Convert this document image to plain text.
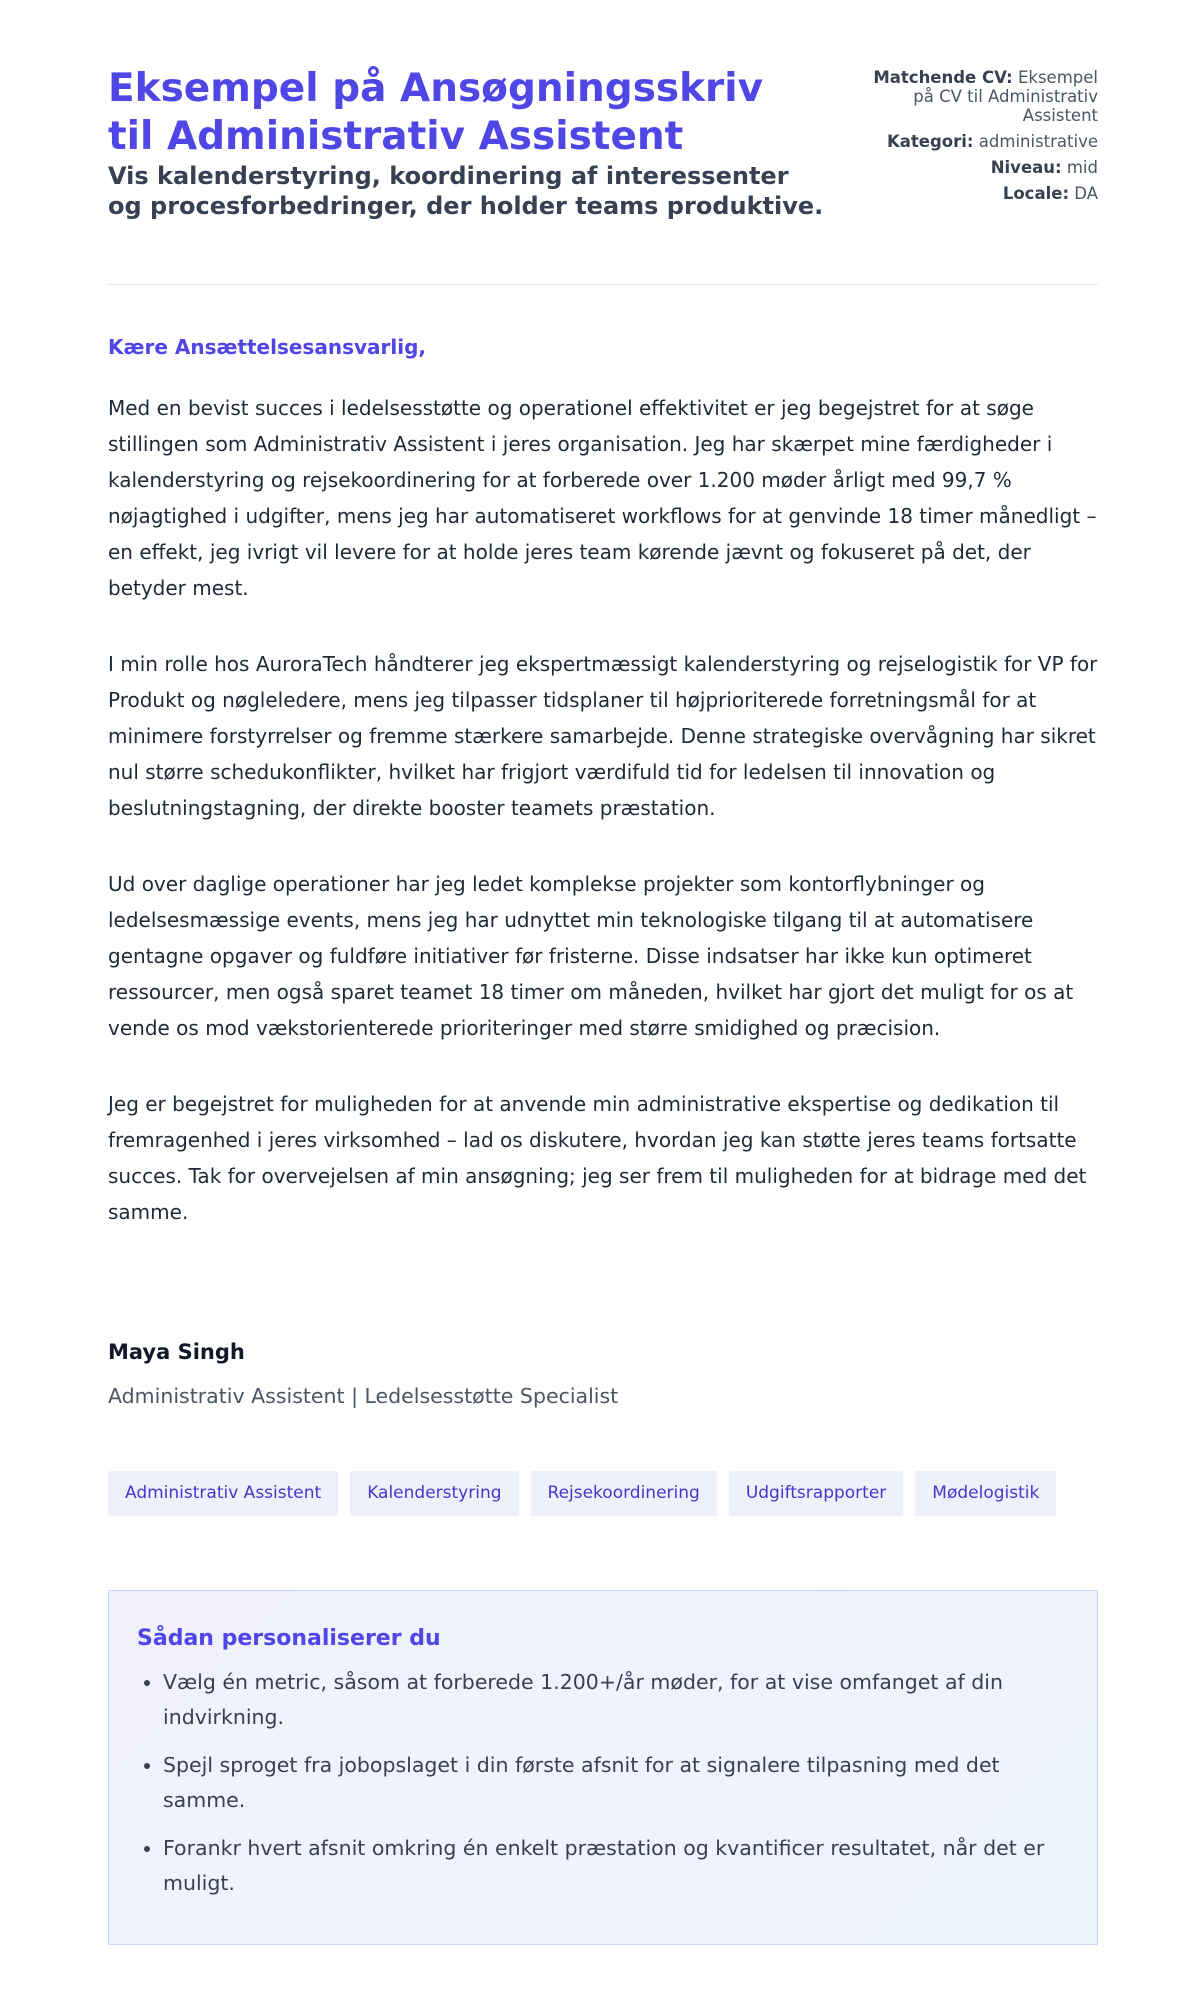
Eksempel på Ansøgningsskriv til Administrativ Assistent
Vis kalenderstyring, koordinering af interessenter og procesforbedringer, der holder teams produktive.
Matchende CV: Eksempel på CV til Administrativ Assistent
Kategori: administrative
Niveau: mid
Locale: DA

Kære Ansættelsesansvarlig,

Med en bevist succes i ledelsesstøtte og operationel effektivitet er jeg begejstret for at søge stillingen som Administrativ Assistent i jeres organisation. Jeg har skærpet mine færdigheder i kalenderstyring og rejsekoordinering for at forberede over 1.200 møder årligt med 99,7 % nøjagtighed i udgifter, mens jeg har automatiseret workflows for at genvinde 18 timer månedligt – en effekt, jeg ivrigt vil levere for at holde jeres team kørende jævnt og fokuseret på det, der betyder mest.

I min rolle hos AuroraTech håndterer jeg ekspertmæssigt kalenderstyring og rejselogistik for VP for Produkt og nøgleledere, mens jeg tilpasser tidsplaner til højprioriterede forretningsmål for at minimere forstyrrelser og fremme stærkere samarbejde. Denne strategiske overvågning har sikret nul større schedukonflikter, hvilket har frigjort værdifuld tid for ledelsen til innovation og beslutningstagning, der direkte booster teamets præstation.

Ud over daglige operationer har jeg ledet komplekse projekter som kontorflybninger og ledelsesmæssige events, mens jeg har udnyttet min teknologiske tilgang til at automatisere gentagne opgaver og fuldføre initiativer før fristerne. Disse indsatser har ikke kun optimeret ressourcer, men også sparet teamet 18 timer om måneden, hvilket har gjort det muligt for os at vende os mod vækstorienterede prioriteringer med større smidighed og præcision.

Jeg er begejstret for muligheden for at anvende min administrative ekspertise og dedikation til fremragenhed i jeres virksomhed – lad os diskutere, hvordan jeg kan støtte jeres teams fortsatte succes. Tak for overvejelsen af min ansøgning; jeg ser frem til muligheden for at bidrage med det samme.

Maya Singh

Administrativ Assistent | Ledelsesstøtte Specialist

Administrativ Assistent	Kalenderstyring	Rejsekoordinering	Udgiftsrapporter	Mødelogistik
Sådan personaliserer du
• Vælg én metric, såsom at forberede 1.200+/år møder, for at vise omfanget af din indvirkning.
• Spejl sproget fra jobopslaget i din første afsnit for at signalere tilpasning med det samme.
• Forankr hvert afsnit omkring én enkelt præstation og kvantificer resultatet, når det er muligt.
